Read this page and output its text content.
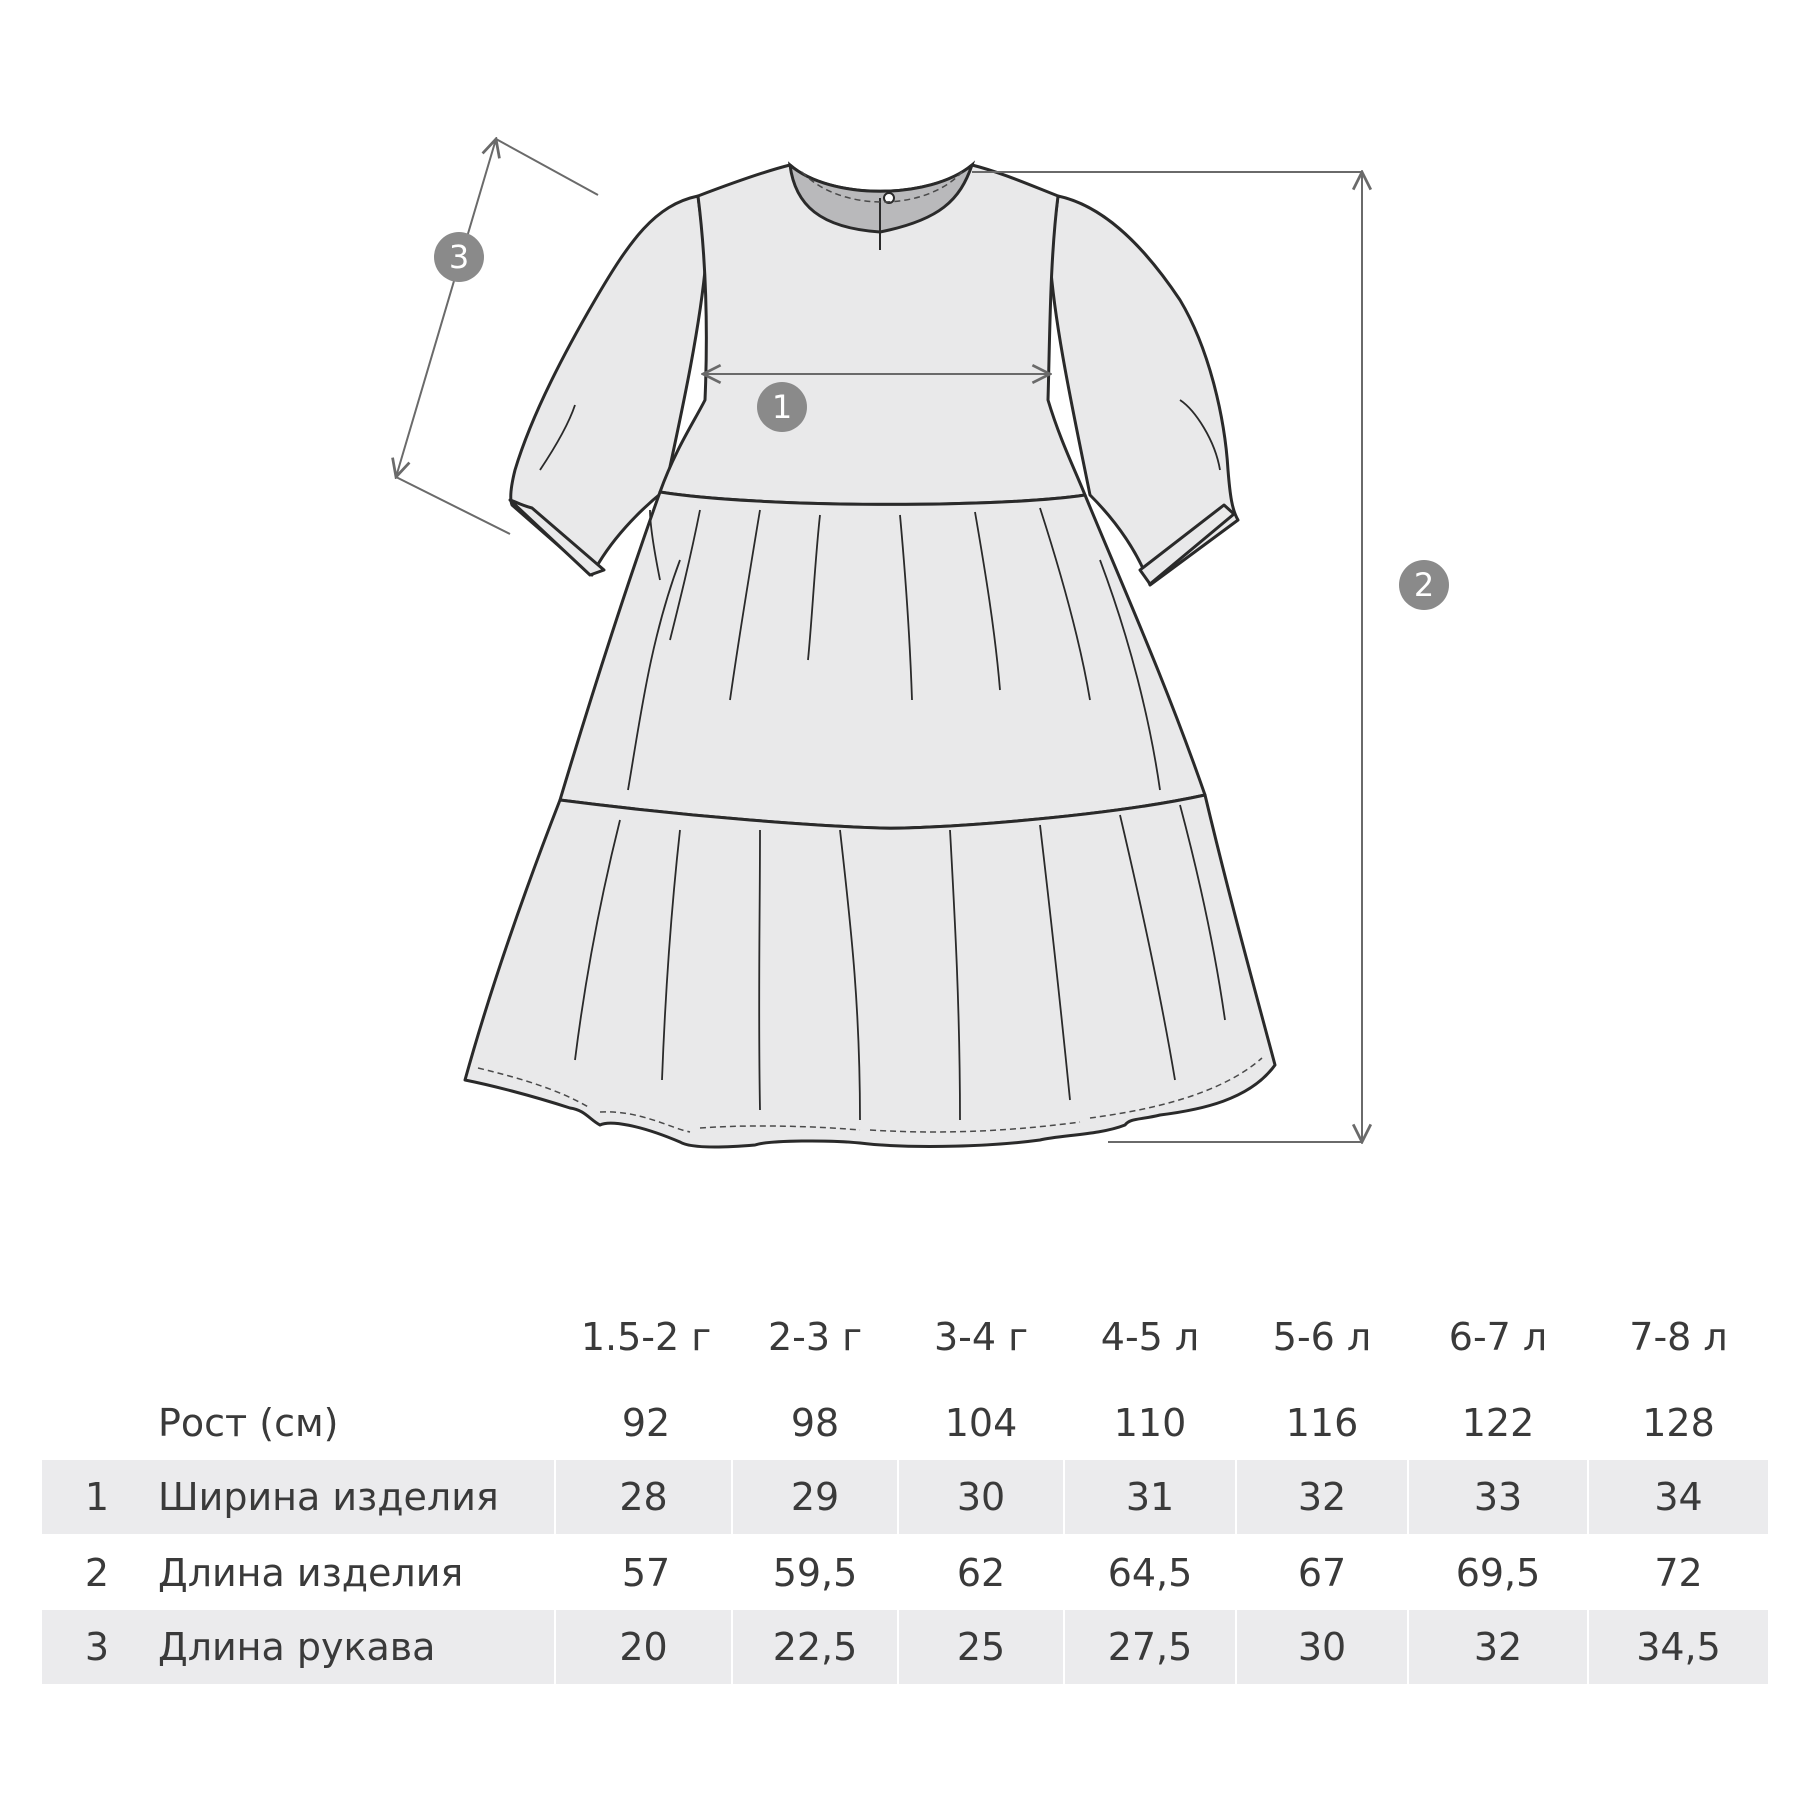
1
2
3
1.5-2 г	2-3 г	3-4 г	4-5 л	5-6 л	6-7 л	7-8 л
Рост (см)	92	98	104	110	116	122	128
1	Ширина изделия	28	29	30	31	32	33	34
2	Длина изделия	57	59,5	62	64,5	67	69,5	72
3	Длина рукава	20	22,5	25	27,5	30	32	34,5
